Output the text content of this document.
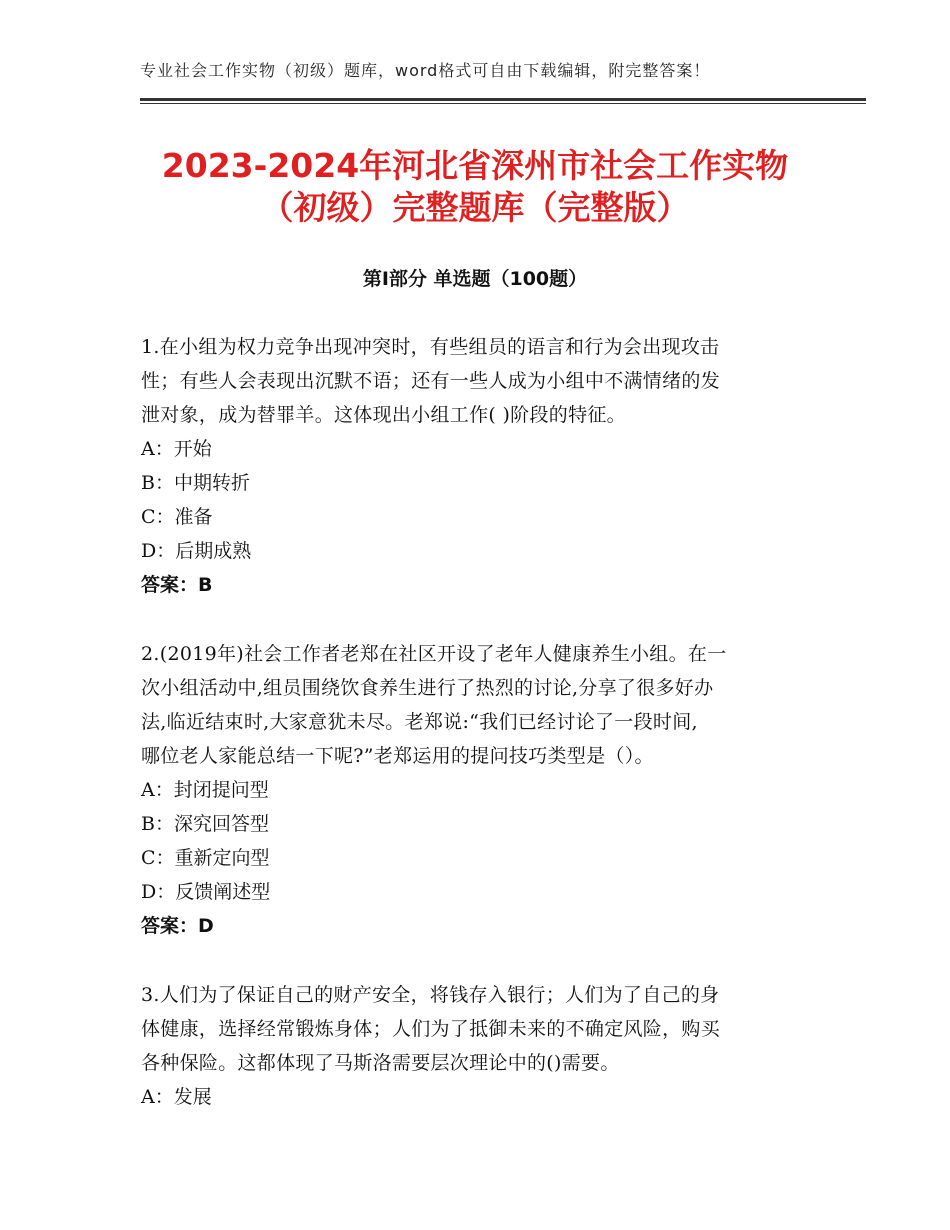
专业社会工作实物（初级）题库，word格式可自由下载编辑，附完整答案！
2023-2024年河北省深州市社会工作实物
（初级）完整题库（完整版）
第Ⅰ部分 单选题（100题）

1.在小组为权力竞争出现冲突时，有些组员的语言和行为会出现攻击

性；有些人会表现出沉默不语；还有一些人成为小组中不满情绪的发

泄对象，成为替罪羊。这体现出小组工作( )阶段的特征。

A：开始

B：中期转折

C：准备

D：后期成熟

答案：B

2.(2019年)社会工作者老郑在社区开设了老年人健康养生小组。在一

次小组活动中,组员围绕饮食养生进行了热烈的讨论,分享了很多好办

法,临近结束时,大家意犹未尽。老郑说:“我们已经讨论了一段时间,

哪位老人家能总结一下呢?”老郑运用的提问技巧类型是（）。

A：封闭提问型

B：深究回答型

C：重新定向型

D：反馈阐述型

答案：D

3.人们为了保证自己的财产安全，将钱存入银行；人们为了自己的身

体健康，选择经常锻炼身体；人们为了抵御未来的不确定风险，购买

各种保险。这都体现了马斯洛需要层次理论中的()需要。

A：发展
